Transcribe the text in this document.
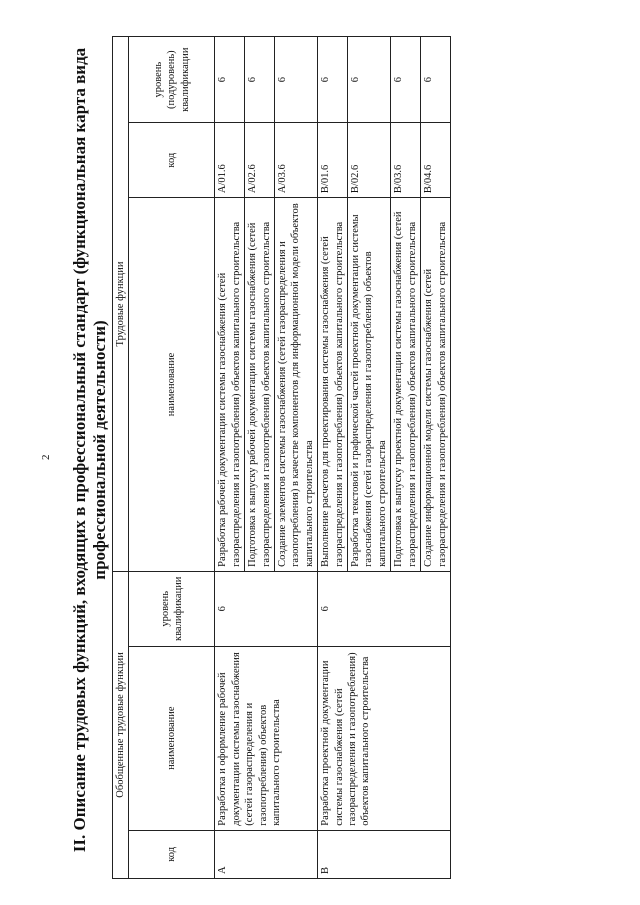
2 II. Описание трудовых функций, входящих в профессиональный стандарт (функциональная карта вида профессиональной деятельности)
Обобщенные трудовые функции			Трудовые функции		
код	наименование	уровень квалификации	наименование	код	уровень (подуровень) квалификации
A	Разработка и оформление рабочей документации системы газоснабжения (сетей газораспределения и газопотребления) объектов капитального строительства	6	Разработка рабочей документации системы газоснабжения (сетей газораспределения и газопотребления) объектов капитального строительства	A/01.6	6
			Подготовка к выпуску рабочей документации системы газоснабжения (сетей газораспределения и газопотребления) объектов капитального строительства	A/02.6	6
			Создание элементов системы газоснабжения (сетей газораспределения и газопотребления) в качестве компонентов для информационной модели объектов капитального строительства	A/03.6	6
B	Разработка проектной документации системы газоснабжения (сетей газораспределения и газопотребления) объектов капитального строительства	6	Выполнение расчетов для проектирования системы газоснабжения (сетей газораспределения и газопотребления) объектов капитального строительства	B/01.6	6
			Разработка текстовой и графической частей проектной документации системы газоснабжения (сетей газораспределения и газопотребления) объектов капитального строительства	B/02.6	6
			Подготовка к выпуску проектной документации системы газоснабжения (сетей газораспределения и газопотребления) объектов капитального строительства	B/03.6	6
			Создание информационной модели системы газоснабжения (сетей газораспределения и газопотребления) объектов капитального строительства	B/04.6	6
